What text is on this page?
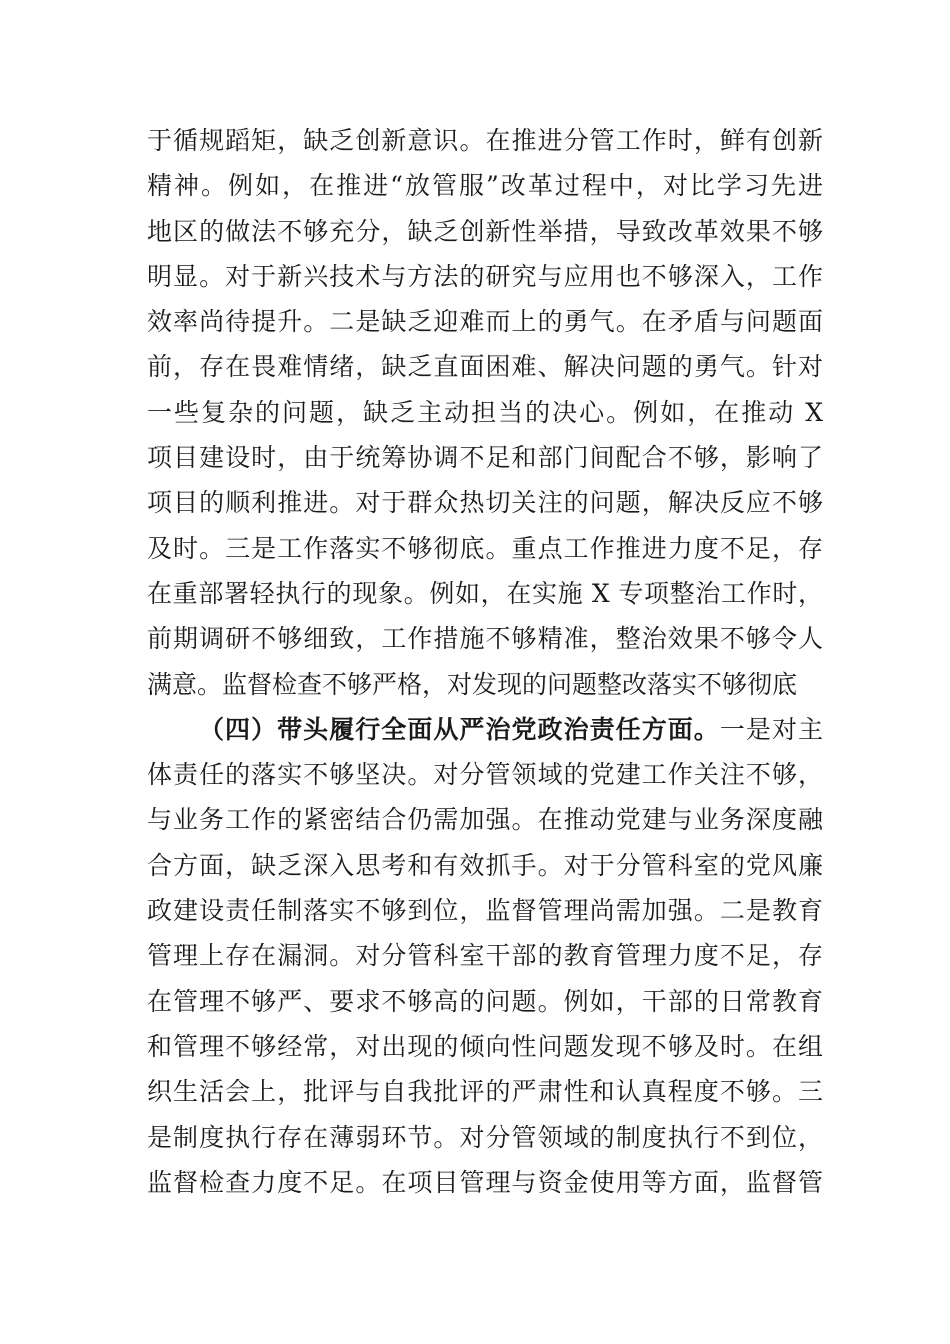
于循规蹈矩，缺乏创新意识。在推进分管工作时，鲜有创新
精神。例如，在推进“放管服”改革过程中，对比学习先进
地区的做法不够充分，缺乏创新性举措，导致改革效果不够
明显。对于新兴技术与方法的研究与应用也不够深入，工作
效率尚待提升。二是缺乏迎难而上的勇气。在矛盾与问题面
前，存在畏难情绪，缺乏直面困难、解决问题的勇气。针对
一些复杂的问题，缺乏主动担当的决心。例如，在推动 X
项目建设时，由于统筹协调不足和部门间配合不够，影响了
项目的顺利推进。对于群众热切关注的问题，解决反应不够
及时。三是工作落实不够彻底。重点工作推进力度不足，存
在重部署轻执行的现象。例如，在实施 X 专项整治工作时，
前期调研不够细致，工作措施不够精准，整治效果不够令人
满意。监督检查不够严格，对发现的问题整改落实不够彻底
（四）带头履行全面从严治党政治责任方面。一是对主
体责任的落实不够坚决。对分管领域的党建工作关注不够，
与业务工作的紧密结合仍需加强。在推动党建与业务深度融
合方面，缺乏深入思考和有效抓手。对于分管科室的党风廉
政建设责任制落实不够到位，监督管理尚需加强。二是教育
管理上存在漏洞。对分管科室干部的教育管理力度不足，存
在管理不够严、要求不够高的问题。例如，干部的日常教育
和管理不够经常，对出现的倾向性问题发现不够及时。在组
织生活会上，批评与自我批评的严肃性和认真程度不够。三
是制度执行存在薄弱环节。对分管领域的制度执行不到位，
监督检查力度不足。在项目管理与资金使用等方面，监督管
